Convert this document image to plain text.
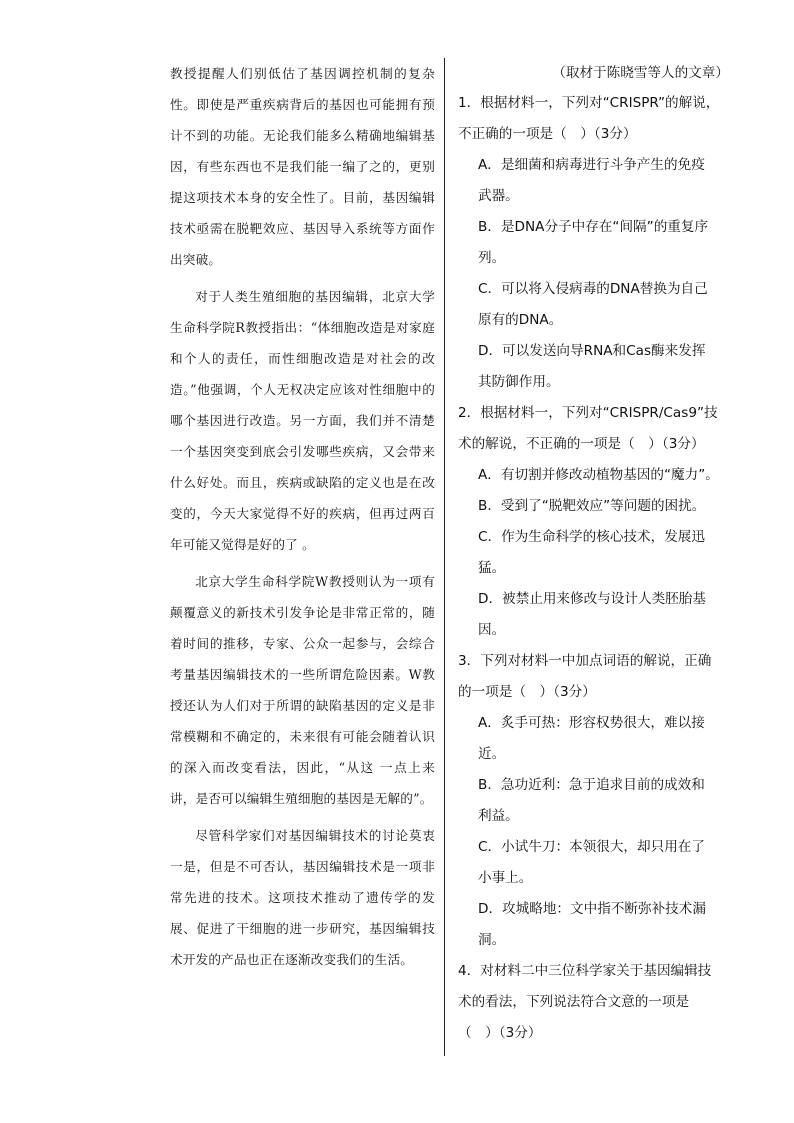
教授提醒人们别低估了基因调控机制的复杂性。即使是严重疾病背后的基因也可能拥有预计不到的功能。无论我们能多么精确地编辑基因，有些东西也不是我们能一编了之的，更别提这项技术本身的安全性了。目前，基因编辑技术亟需在脱靶效应、基因导入系统等方面作出突破。

对于人类生殖细胞的基因编辑，北京大学生命科学院R教授指出：“体细胞改造是对家庭和个人的责任，而性细胞改造是对社会的改造。”他强调，个人无权决定应该对性细胞中的哪个基因进行改造。另一方面，我们并不清楚一个基因突变到底会引发哪些疾病，又会带来什么好处。而且，疾病或缺陷的定义也是在改变的，今天大家觉得不好的疾病，但再过两百年可能又觉得是好的了 。

北京大学生命科学院W教授则认为一项有颠覆意义的新技术引发争论是非常正常的，随着时间的推移，专家、公众一起参与，会综合考量基因编辑技术的一些所谓危险因素。W教授还认为人们对于所谓的缺陷基因的定义是非常模糊和不确定的，未来很有可能会随着认识的深入而改变看法，因此，“从这 一点上来讲，是否可以编辑生殖细胞的基因是无解的”。

尽管科学家们对基因编辑技术的讨论莫衷一是，但是不可否认，基因编辑技术是一项非常先进的技术。这项技术推动了遗传学的发展、促进了干细胞的进一步研究，基因编辑技术开发的产品也正在逐渐改变我们的生活。

（取材于陈晓雪等人的文章）
1．根据材料一，下列对“CRISPR”的解说，
不正确的一项是（　）（3分）
A．是细菌和病毒进行斗争产生的免疫
武器。
B．是DNA分子中存在“间隔”的重复序
列。
C．可以将入侵病毒的DNA替换为自己
原有的DNA。
D．可以发送向导RNA和Cas酶来发挥
其防御作用。
2．根据材料一，下列对“CRISPR/Cas9”技
术的解说，不正确的一项是（　）（3分）
A．有切割并修改动植物基因的“魔力”。
B．受到了“脱靶效应”等问题的困扰。
C．作为生命科学的核心技术，发展迅
猛。
D．被禁止用来修改与设计人类胚胎基
因。
3．下列对材料一中加点词语的解说，正确
的一项是（　）（3分）
A．炙手可热：形容权势很大，难以接
近。
B．急功近利：急于追求目前的成效和
利益。
C．小试牛刀：本领很大，却只用在了
小事上。
D．攻城略地：文中指不断弥补技术漏
洞。
4．对材料二中三位科学家关于基因编辑技
术的看法，下列说法符合文意的一项是
（　）（3分）
